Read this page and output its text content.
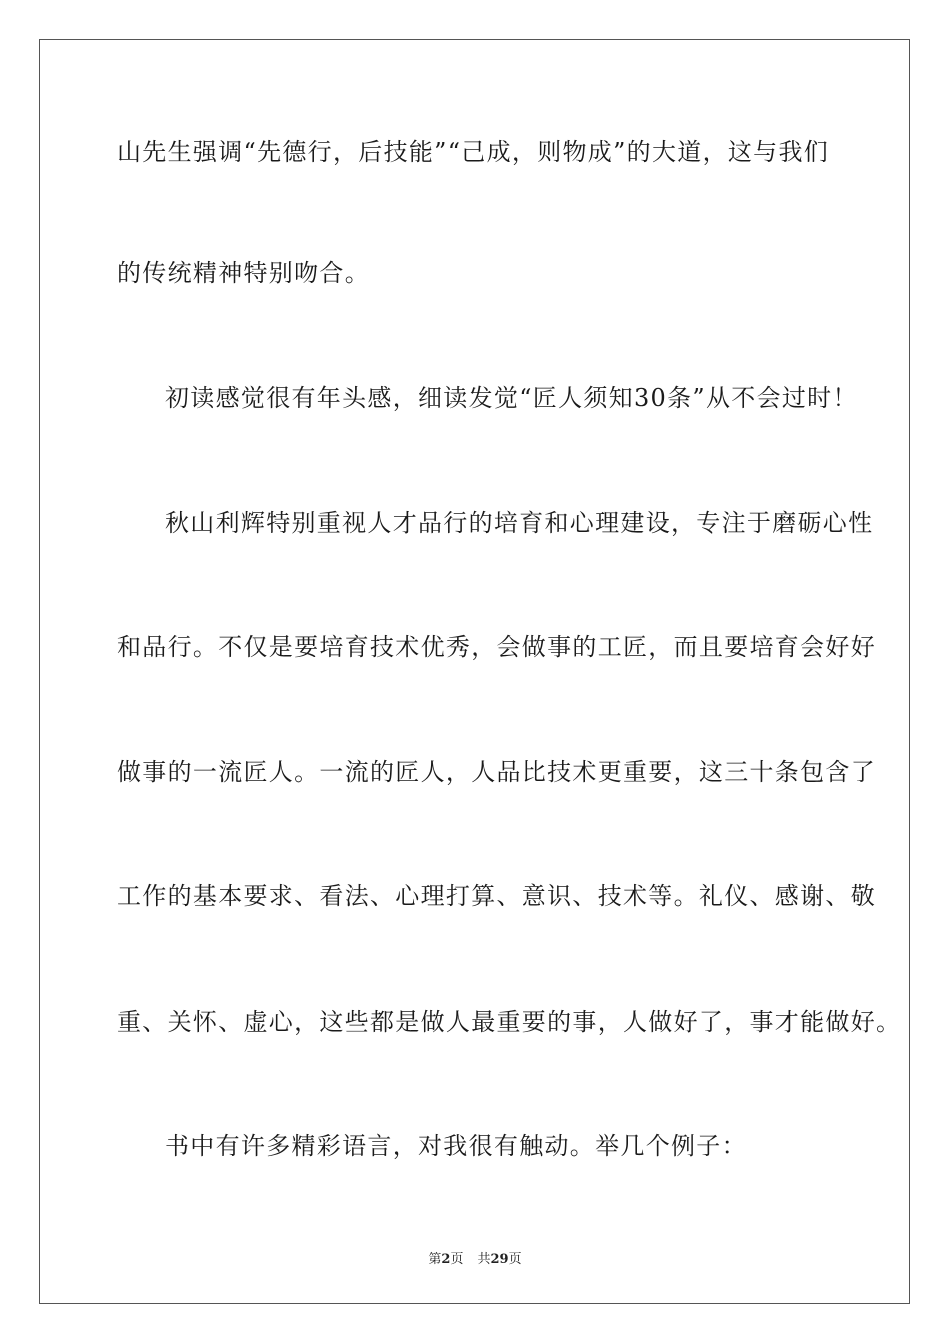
山先生强调“先德行，后技能”“己成，则物成”的大道，这与我们
的传统精神特别吻合。
初读感觉很有年头感，细读发觉“匠人须知30条”从不会过时！
秋山利辉特别重视人才品行的培育和心理建设，专注于磨砺心性
和品行。不仅是要培育技术优秀，会做事的工匠，而且要培育会好好
做事的一流匠人。一流的匠人，人品比技术更重要，这三十条包含了
工作的基本要求、看法、心理打算、意识、技术等。礼仪、感谢、敬
重、关怀、虚心，这些都是做人最重要的事，人做好了，事才能做好。
书中有许多精彩语言，对我很有触动。举几个例子：
第2页 共29页
